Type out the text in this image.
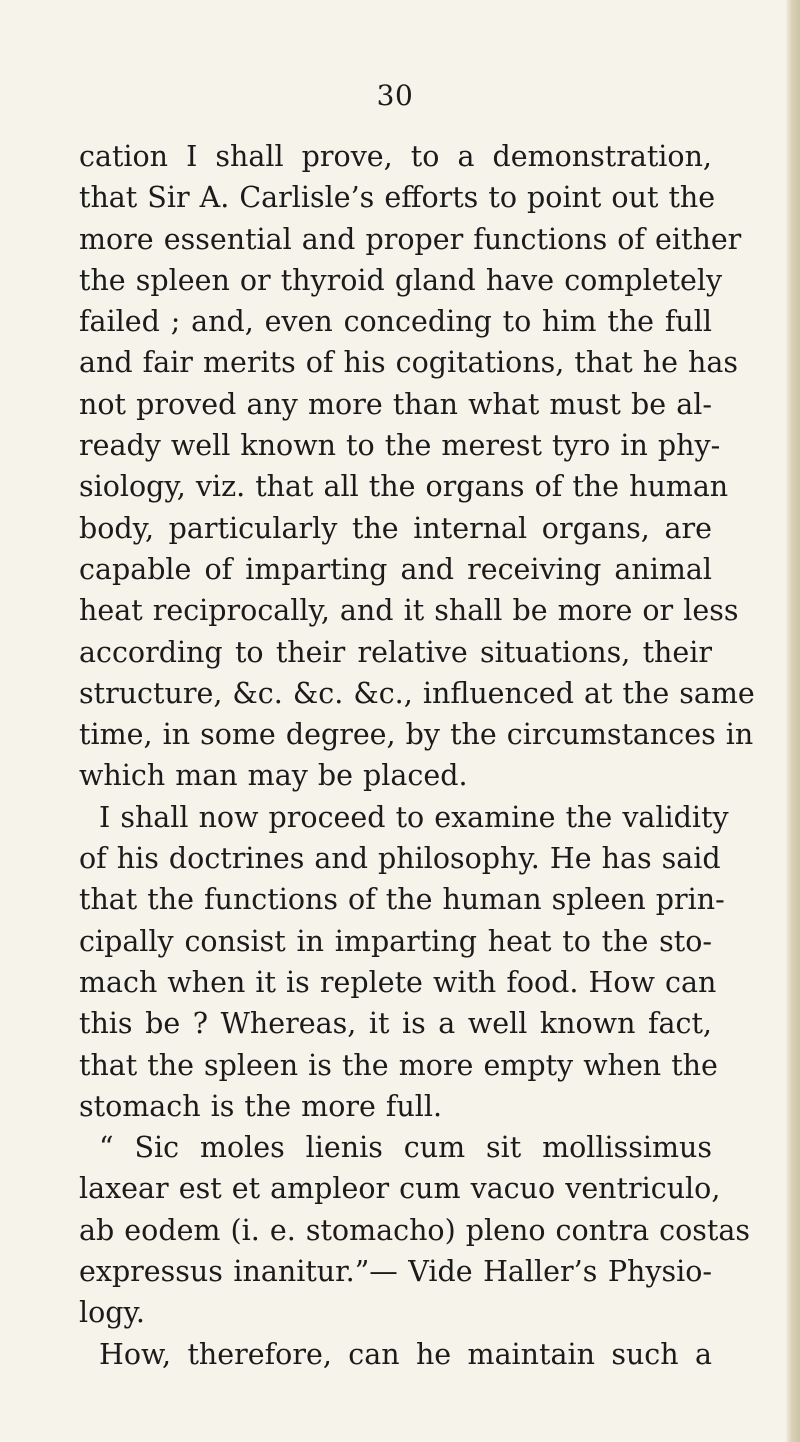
30
cation I shall prove, to a demonstration,
that Sir A. Carlisle’s efforts to point out the
more essential and proper functions of either
the spleen or thyroid gland have completely
failed ; and, even conceding to him the full
and fair merits of his cogitations, that he has
not proved any more than what must be al-
ready well known to the merest tyro in phy-
siology, viz. that all the organs of the human
body, particularly the internal organs, are
capable of imparting and receiving animal
heat reciprocally, and it shall be more or less
according to their relative situations, their
structure, &c. &c. &c., influenced at the same
time, in some degree, by the circumstances in
which man may be placed.
I shall now proceed to examine the validity
of his doctrines and philosophy. He has said
that the functions of the human spleen prin-
cipally consist in imparting heat to the sto-
mach when it is replete with food. How can
this be ? Whereas, it is a well known fact,
that the spleen is the more empty when the
stomach is the more full.
“ Sic moles lienis cum sit mollissimus
laxear est et ampleor cum vacuo ventriculo,
ab eodem (i. e. stomacho) pleno contra costas
expressus inanitur.”— Vide Haller’s Physio-
logy.
How, therefore, can he maintain such a
